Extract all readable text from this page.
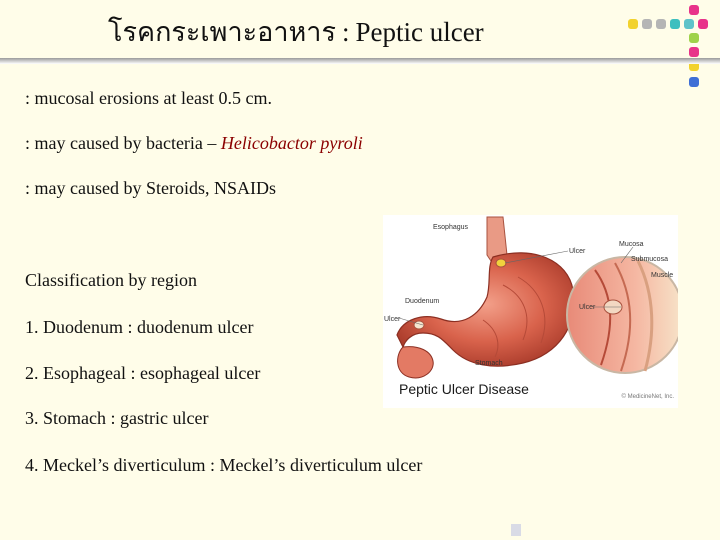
โรคกระเพาะอาหาร : Peptic ulcer
: mucosal erosions at least 0.5 cm.
: may caused by bacteria – Helicobactor pyroli
: may caused by Steroids, NSAIDs
Classification by region
1. Duodenum : duodenum ulcer
2. Esophageal : esophageal ulcer
3. Stomach : gastric ulcer
4. Meckel’s diverticulum : Meckel’s diverticulum ulcer
Esophagus
Ulcer
Mucosa
Submucosa
Muscle
Duodenum
Ulcer
Ulcer
Stomach
Peptic Ulcer Disease	© MedicineNet, Inc.
